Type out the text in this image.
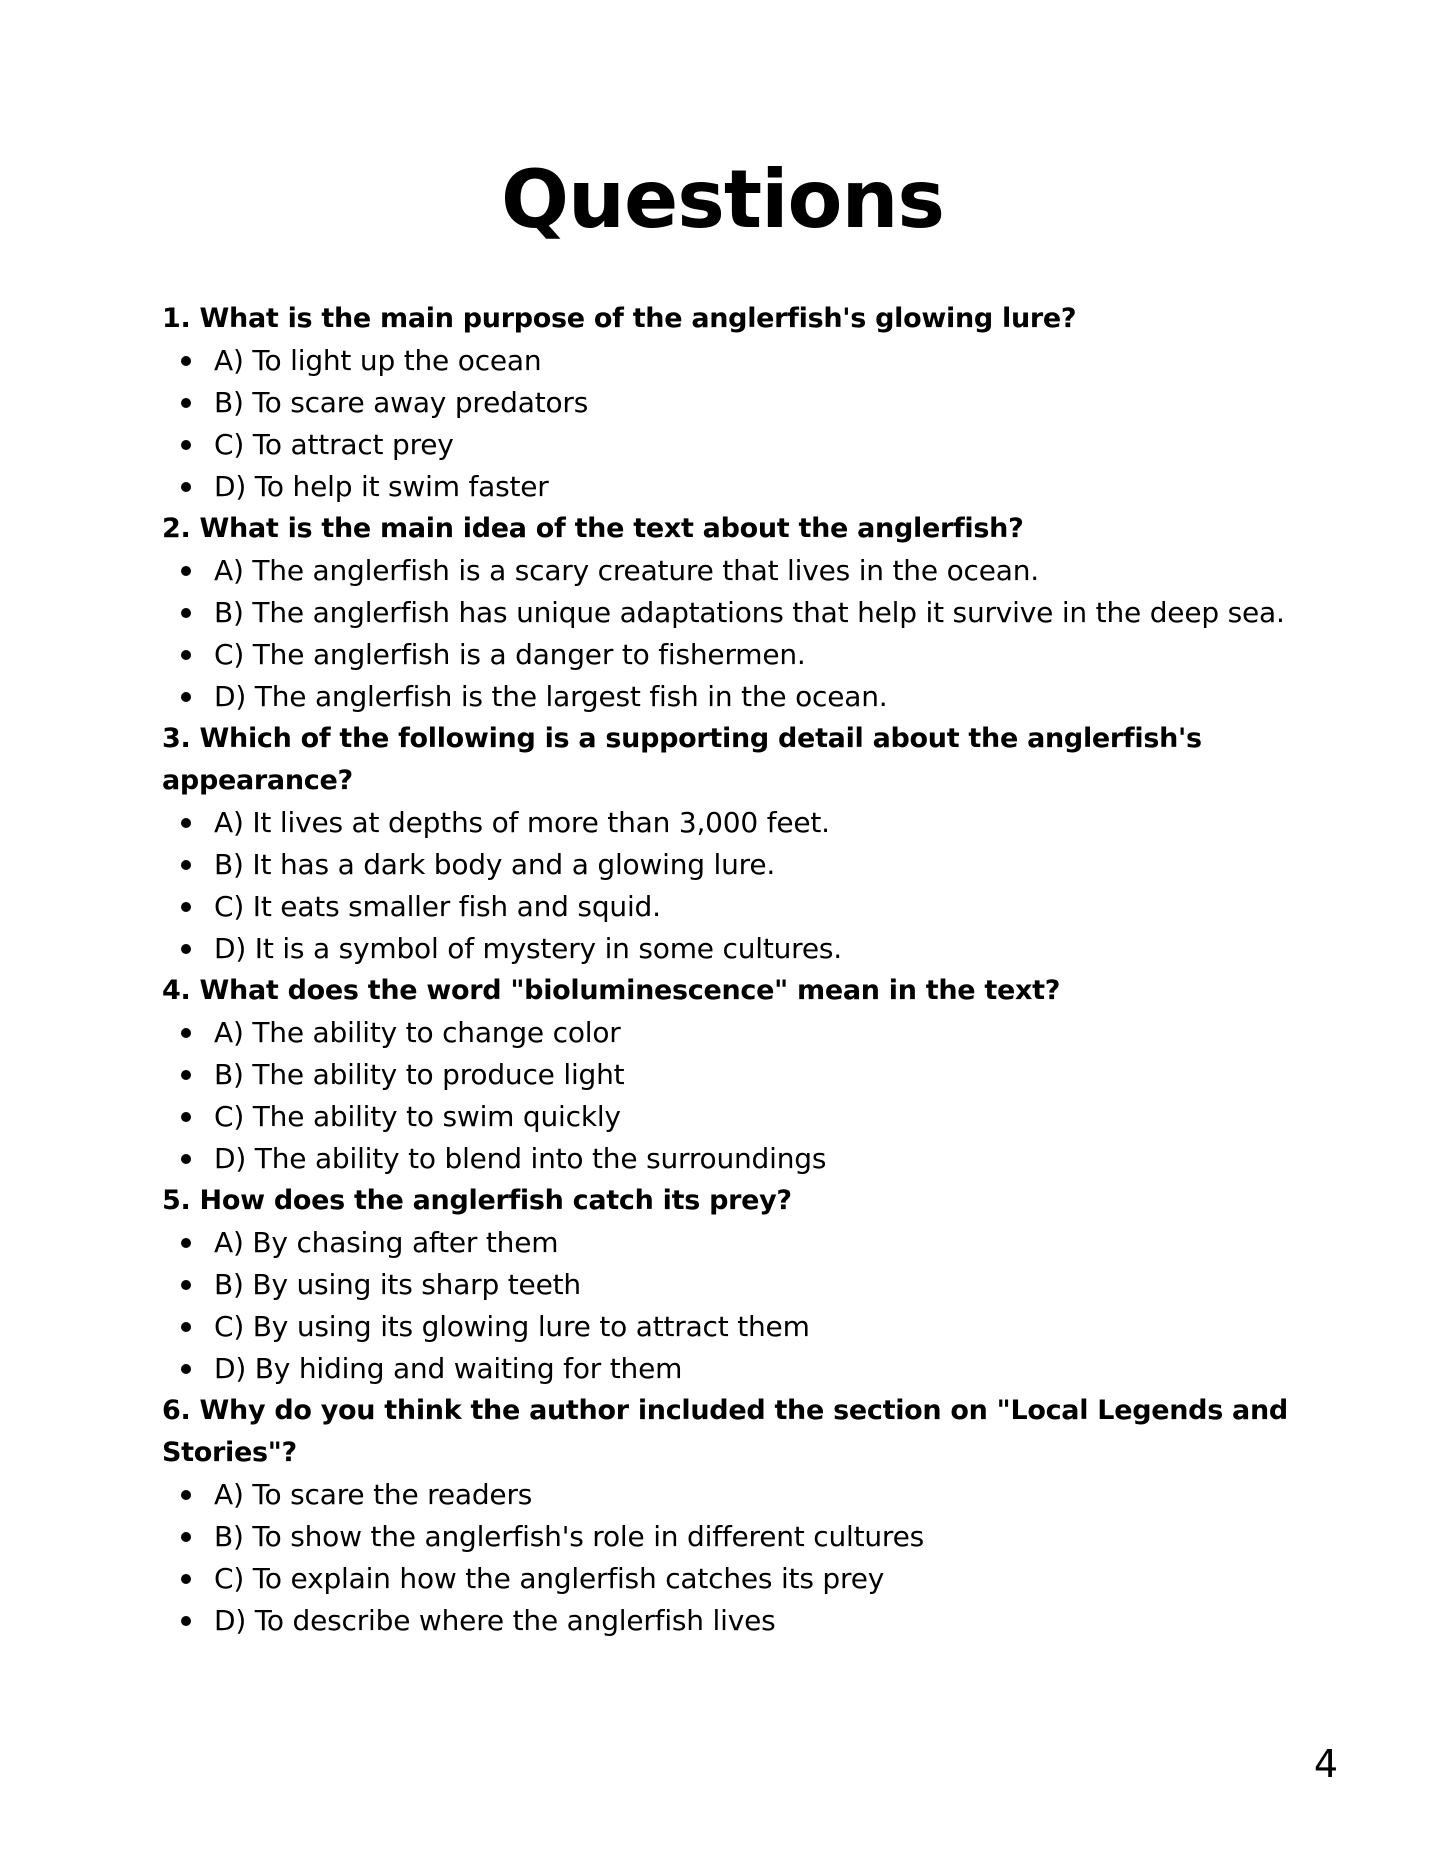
Questions

1. What is the main purpose of the anglerfish's glowing lure?

A) To light up the ocean
B) To scare away predators
C) To attract prey
D) To help it swim faster

2. What is the main idea of the text about the anglerfish?

A) The anglerfish is a scary creature that lives in the ocean.
B) The anglerfish has unique adaptations that help it survive in the deep sea.
C) The anglerfish is a danger to fishermen.
D) The anglerfish is the largest fish in the ocean.

3. Which of the following is a supporting detail about the anglerfish's appearance?

A) It lives at depths of more than 3,000 feet.
B) It has a dark body and a glowing lure.
C) It eats smaller fish and squid.
D) It is a symbol of mystery in some cultures.

4. What does the word "bioluminescence" mean in the text?

A) The ability to change color
B) The ability to produce light
C) The ability to swim quickly
D) The ability to blend into the surroundings

5. How does the anglerfish catch its prey?

A) By chasing after them
B) By using its sharp teeth
C) By using its glowing lure to attract them
D) By hiding and waiting for them

6. Why do you think the author included the section on "Local Legends and Stories"?

A) To scare the readers
B) To show the anglerfish's role in different cultures
C) To explain how the anglerfish catches its prey
D) To describe where the anglerfish lives
4
